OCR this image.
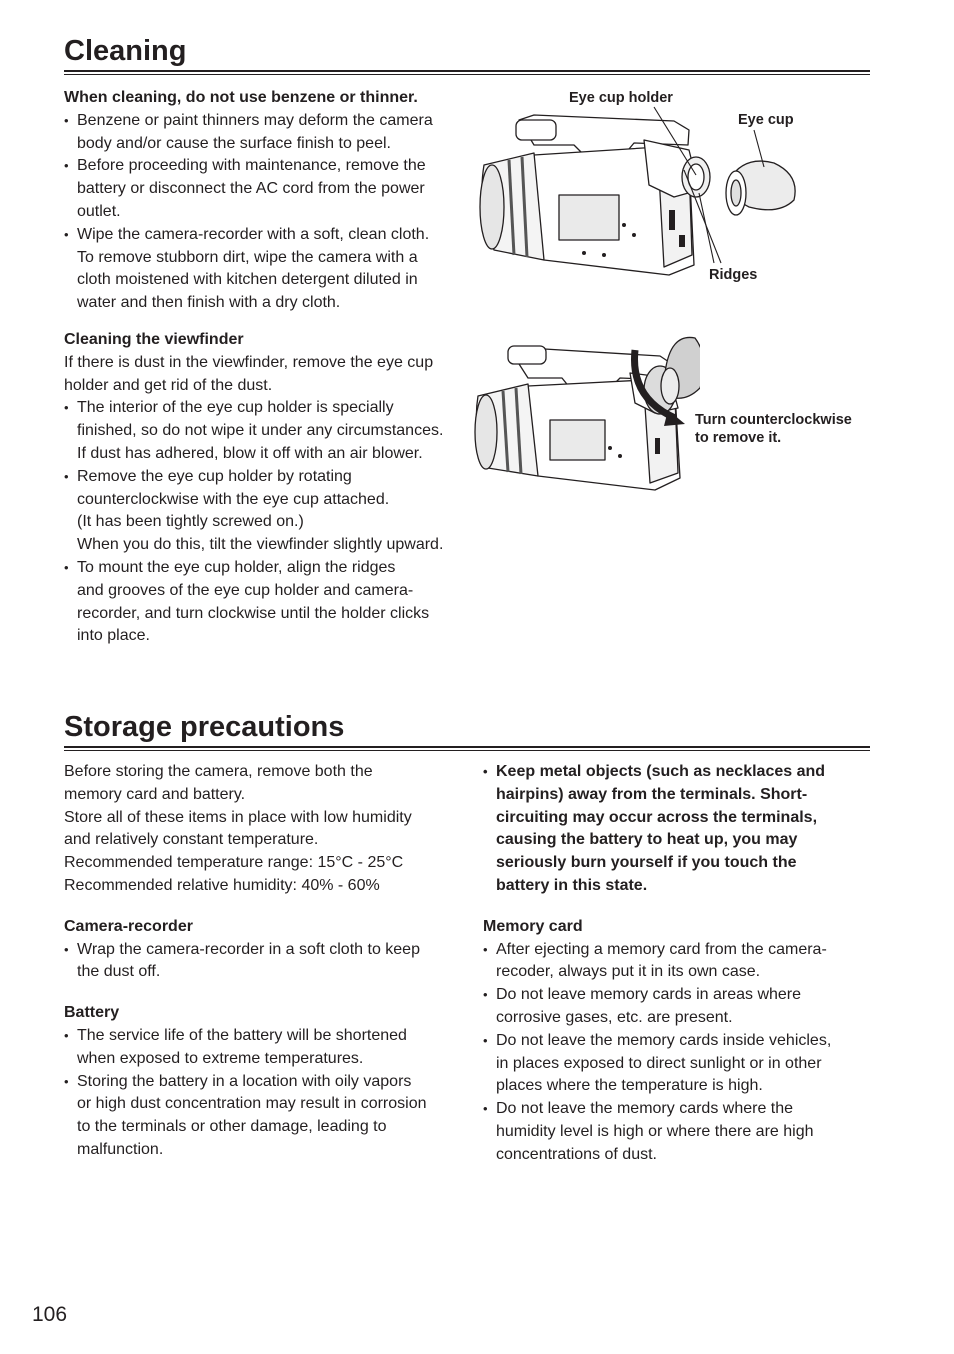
Cleaning

When cleaning, do not use benzene or thinner.

• Benzene or paint thinners may deform the camera
body and/or cause the surface finish to peel.
• Before proceeding with maintenance, remove the
battery or disconnect the AC cord from the power
outlet.
• Wipe the camera-recorder with a soft, clean cloth.
To remove stubborn dirt, wipe the camera with a
cloth moistened with kitchen detergent diluted in
water and then finish with a dry cloth.

Cleaning the viewfinder

If there is dust in the viewfinder, remove the eye cup
holder and get rid of the dust.

• The interior of the eye cup holder is specially
finished, so do not wipe it under any circumstances.
If dust has adhered, blow it off with an air blower.
• Remove the eye cup holder by rotating
counterclockwise with the eye cup attached.
(It has been tightly screwed on.)
When you do this, tilt the viewfinder slightly upward.
• To mount the eye cup holder, align the ridges
and grooves of the eye cup holder and camera-
recorder, and turn clockwise until the holder clicks
into place.
Eye cup holder
Eye cup
Ridges
Turn counterclockwise
to remove it.
Storage precautions

Before storing the camera, remove both the
memory card and battery.
Store all of these items in place with low humidity
and relatively constant temperature.
Recommended temperature range: 15°C - 25°C
Recommended relative humidity: 40% - 60%

Camera-recorder

• Wrap the camera-recorder in a soft cloth to keep
the dust off.

Battery

• The service life of the battery will be shortened
when exposed to extreme temperatures.
• Storing the battery in a location with oily vapors
or high dust concentration may result in corrosion
to the terminals or other damage, leading to
malfunction.
• Keep metal objects (such as necklaces and
hairpins) away from the terminals. Short-
circuiting may occur across the terminals,
causing the battery to heat up, you may
seriously burn yourself if you touch the
battery in this state.

Memory card

• After ejecting a memory card from the camera-
recoder, always put it in its own case.
• Do not leave memory cards in areas where
corrosive gases, etc. are present.
• Do not leave the memory cards inside vehicles,
in places exposed to direct sunlight or in other
places where the temperature is high.
• Do not leave the memory cards where the
humidity level is high or where there are high
concentrations of dust.
106
